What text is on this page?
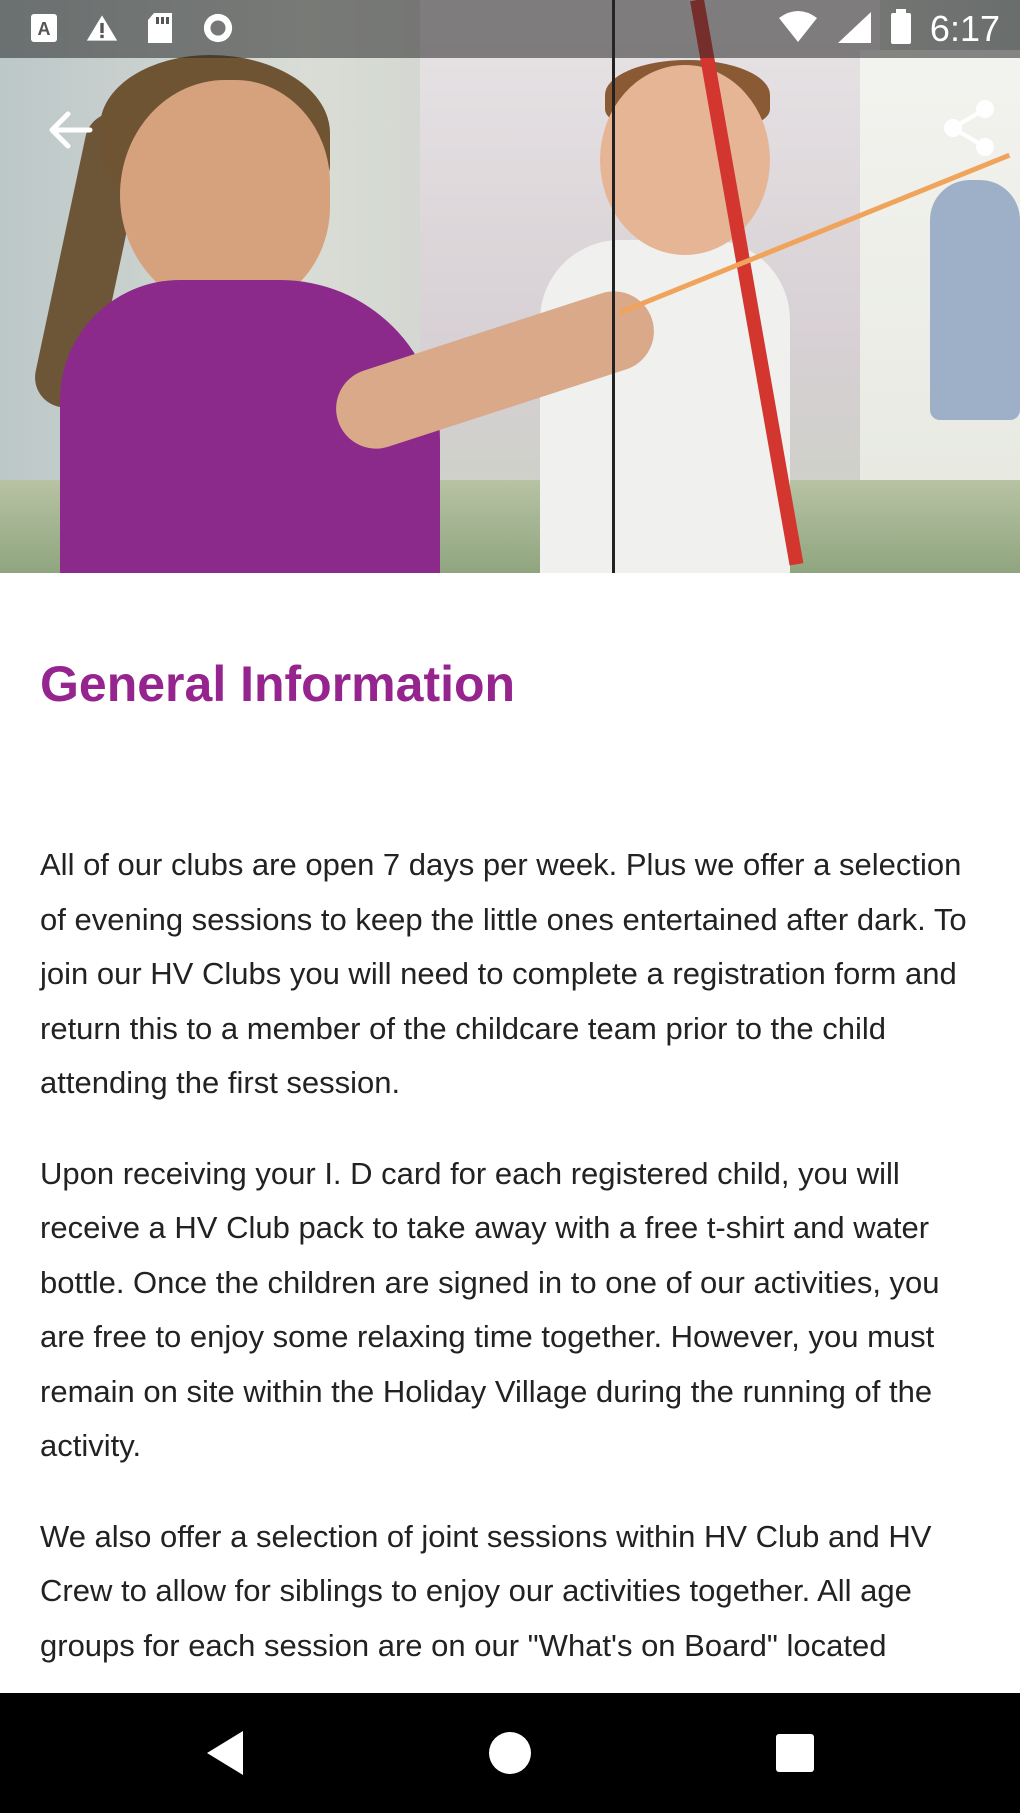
A	6:17
General Information

All of our clubs are open 7 days per week. Plus we offer a selection of evening sessions to keep the little ones entertained after dark. To join our HV Clubs you will need to complete a registration form and return this to a member of the childcare team prior to the child attending the first session.

Upon receiving your I. D card for each registered child, you will receive a HV Club pack to take away with a free t-shirt and water bottle. Once the children are signed in to one of our activities, you are free to enjoy some relaxing time together. However, you must remain on site within the Holiday Village during the running of the activity.

We also offer a selection of joint sessions within HV Club and HV Crew to allow for siblings to enjoy our activities together. All age groups for each session are on our "What's on Board" located
